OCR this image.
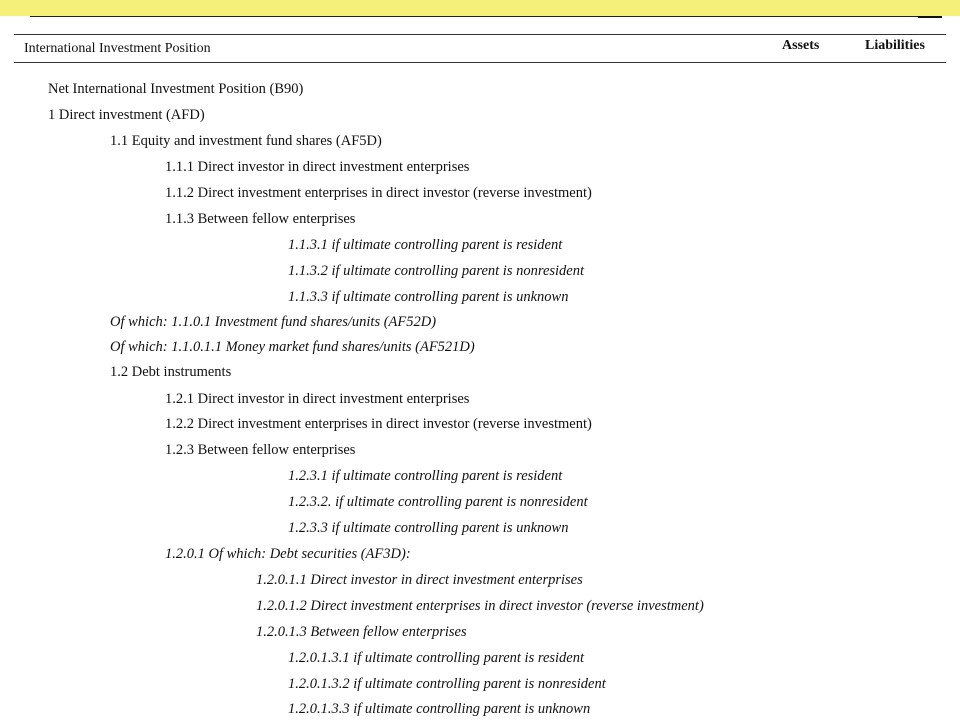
International Investment Position	Assets	Liabilities
Net International Investment Position (B90)
1 Direct investment (AFD)
1.1 Equity and investment fund shares (AF5D)
1.1.1 Direct investor in direct investment enterprises
1.1.2 Direct investment enterprises in direct investor (reverse investment)
1.1.3 Between fellow enterprises
1.1.3.1 if ultimate controlling parent is resident
1.1.3.2 if ultimate controlling parent is nonresident
1.1.3.3 if ultimate controlling parent is unknown
Of which: 1.1.0.1 Investment fund shares/units (AF52D)
Of which: 1.1.0.1.1 Money market fund shares/units (AF521D)
1.2 Debt instruments
1.2.1 Direct investor in direct investment enterprises
1.2.2 Direct investment enterprises in direct investor (reverse investment)
1.2.3 Between fellow enterprises
1.2.3.1 if ultimate controlling parent is resident
1.2.3.2. if ultimate controlling parent is nonresident
1.2.3.3 if ultimate controlling parent is unknown
1.2.0.1 Of which: Debt securities (AF3D):
1.2.0.1.1 Direct investor in direct investment enterprises
1.2.0.1.2 Direct investment enterprises in direct investor (reverse investment)
1.2.0.1.3 Between fellow enterprises
1.2.0.1.3.1 if ultimate controlling parent is resident
1.2.0.1.3.2 if ultimate controlling parent is nonresident
1.2.0.1.3.3 if ultimate controlling parent is unknown
